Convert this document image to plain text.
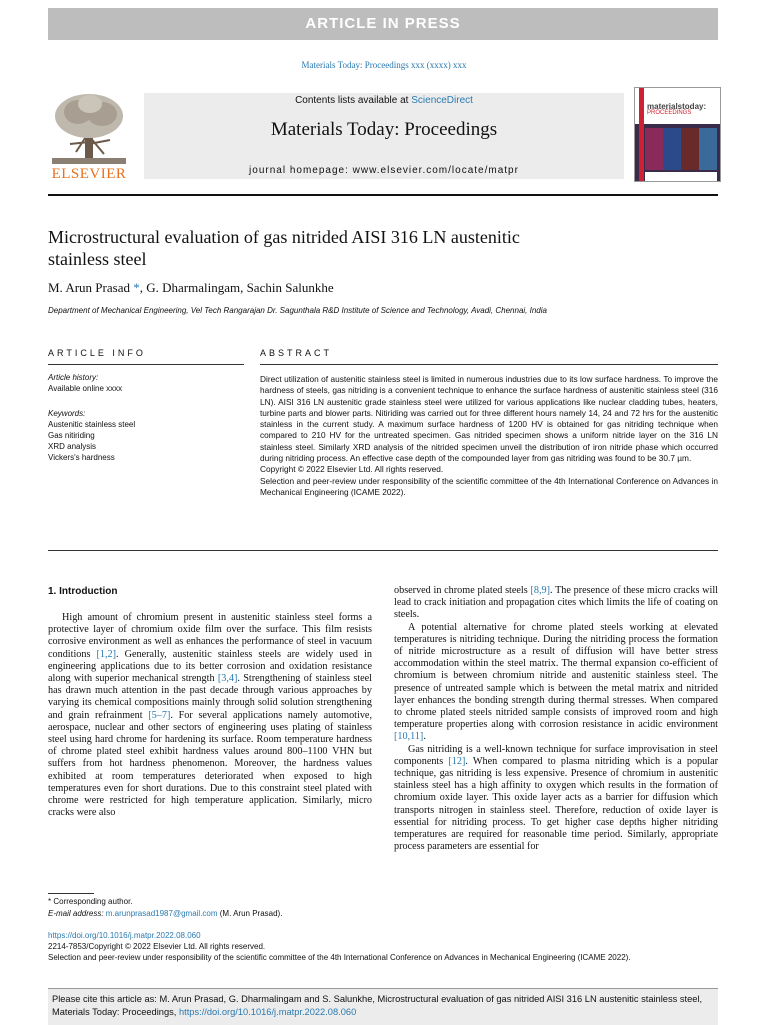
ARTICLE IN PRESS
Materials Today: Proceedings xxx (xxxx) xxx
ELSEVIER
Contents lists available at ScienceDirect
Materials Today: Proceedings
journal homepage: www.elsevier.com/locate/matpr
materialstoday:
PROCEEDINGS
Microstructural evaluation of gas nitrided AISI 316 LN austenitic
stainless steel
M. Arun Prasad *, G. Dharmalingam, Sachin Salunkhe
Department of Mechanical Engineering, Vel Tech Rangarajan Dr. Sagunthala R&D Institute of Science and Technology, Avadi, Chennai, India
ARTICLE INFO	ABSTRACT
Article history:
Available online xxxx
Keywords:
Austenitic stainless steel
Gas nitiriding
XRD analysis
Vickers's hardness

Direct utilization of austenitic stainless steel is limited in numerous industries due to its low surface hardness. To improve the hardness of steels, gas nitriding is a convenient technique to enhance the surface hardness of austenitic stainless steel (316 LN). AISI 316 LN austenitic grade stainless steel were utilized for various applications like nuclear cladding tubes, heaters, turbine parts and blower parts. Nitiriding was carried out for three different hours namely 14, 24 and 72 hrs for the austenitic stainless in the current study. A maximum surface hardness of 1200 HV is obtained for gas nitriding technique when compared to 210 HV for the untreated specimen. Gas nitrided specimen shows a uniform nitride layer on the 316 LN stainless steel. Similarly XRD analysis of the nitrided specimen unveil the distribution of iron nitride phase which occurred during nitriding process. An effective case depth of the compounded layer from gas nitriding was found to be 30.7 µm.

Copyright © 2022 Elsevier Ltd. All rights reserved.

Selection and peer-review under responsibility of the scientific committee of the 4th International Conference on Advances in Mechanical Engineering (ICAME 2022).

1. Introduction

High amount of chromium present in austenitic stainless steel forms a protective layer of chromium oxide film over the surface. This film resists corrosive environment as well as enhances the performance of steel in vacuum conditions [1,2]. Generally, austenitic stainless steels are widely used in engineering applications due to its better corrosion and oxidation resistance along with superior mechanical strength [3,4]. Strengthening of stainless steel has drawn much attention in the past decade through various approaches by varying its chemical compositions mainly through solid solution strengthening and grain refrainment [5–7]. For several applications namely automotive, aerospace, nuclear and other sectors of engineering uses plating of stainless steel using hard chrome for hardening its surface. Room temperature hardness of chrome plated steel exhibit hardness values around 800–1100 VHN but suffers from hot hardness phenomenon. Moreover, the hardness values exhibited at room temperatures deteriorated when exposed to high temperatures even for short durations. Due to this constraint steel plated with chrome were restricted for high temperature application. Similarly, micro cracks were also

observed in chrome plated steels [8,9]. The presence of these micro cracks will lead to crack initiation and propagation cites which limits the life of coating on steels.

A potential alternative for chrome plated steels working at elevated temperatures is nitriding technique. During the nitriding process the formation of nitride microstructure as a result of diffusion will have better stress accommodation within the steel matrix. The thermal expansion co-efficient of chromium is between chromium nitride and austenitic stainless steel. The presence of untreated sample which is between the metal matrix and nitrided layer enhances the bonding strength during thermal stresses. When compared to chrome plated steels nitrided sample consists of improved room and high temperature properties along with corrosion resistance in acidic environment [10,11].

Gas nitriding is a well-known technique for surface improvisation in steel components [12]. When compared to plasma nitriding which is a popular technique, gas nitriding is less expensive. Presence of chromium in austenitic stainless steel has a high affinity to oxygen which results in the formation of chromium oxide layer. This oxide layer acts as a barrier for diffusion which transports nitrogen in stainless steel. Therefore, reduction of oxide layer is essential for nitriding process. To get higher case depths higher nitriding temperatures are required for reasonable time period. Similarly, appropriate process parameters are essential for

* Corresponding author.
E-mail address: m.arunprasad1987@gmail.com (M. Arun Prasad).
https://doi.org/10.1016/j.matpr.2022.08.060
2214-7853/Copyright © 2022 Elsevier Ltd. All rights reserved.
Selection and peer-review under responsibility of the scientific committee of the 4th International Conference on Advances in Mechanical Engineering (ICAME 2022).
Please cite this article as: M. Arun Prasad, G. Dharmalingam and S. Salunkhe, Microstructural evaluation of gas nitrided AISI 316 LN austenitic stainless steel, Materials Today: Proceedings, https://doi.org/10.1016/j.matpr.2022.08.060
